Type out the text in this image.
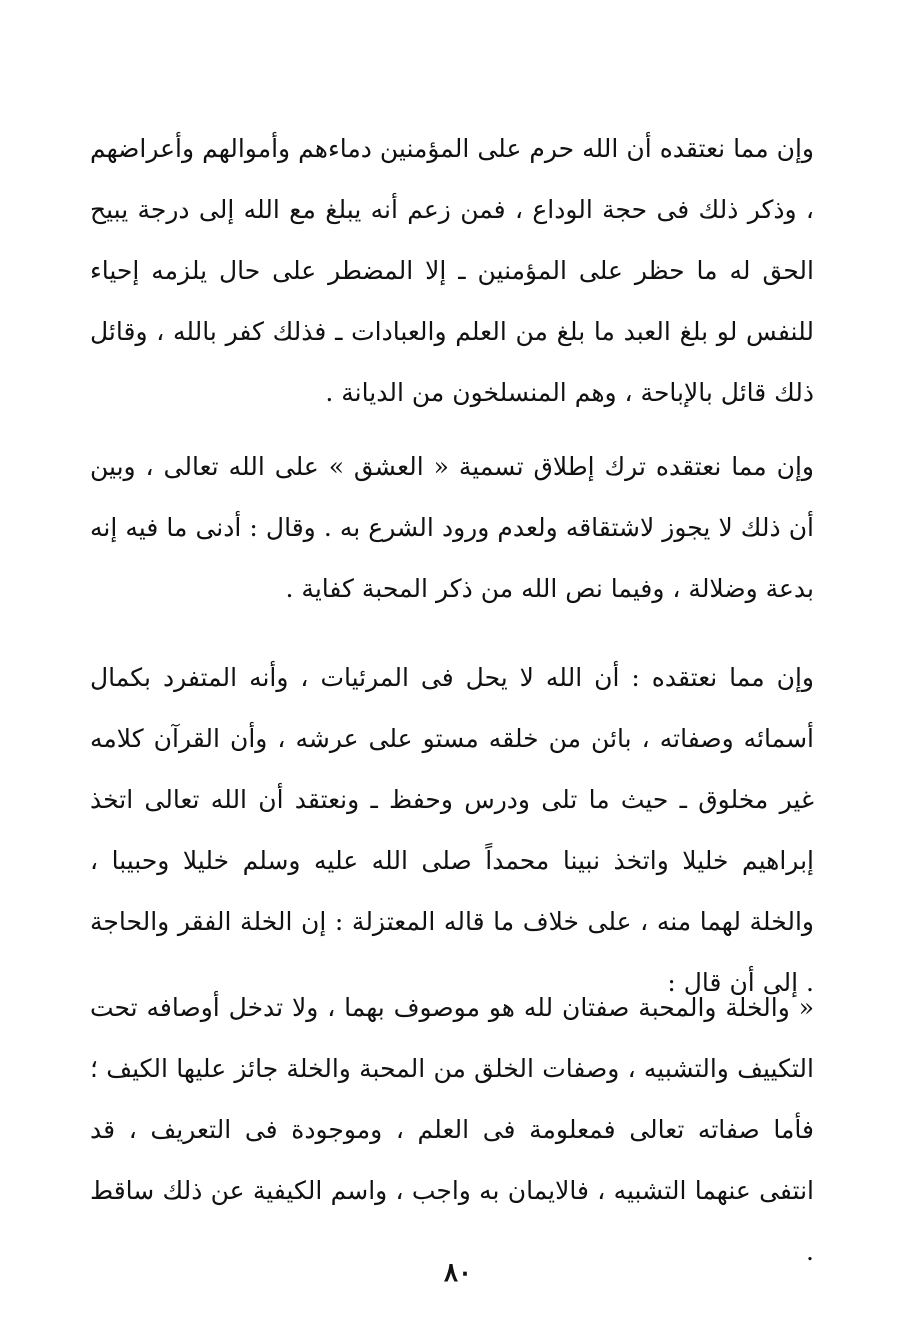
وإن مما نعتقده أن الله حرم على المؤمنين دماءهم وأموالهم وأعراضهم ، وذكر ذلك فى حجة الوداع ، فمن زعم أنه يبلغ مع الله إلى درجة يبيح الحق له ما حظر على المؤمنين ـ إلا المضطر على حال يلزمه إحياء للنفس لو بلغ العبد ما بلغ من العلم والعبادات ـ فذلك كفر بالله ، وقائل ذلك قائل بالإباحة ، وهم المنسلخون من الديانة .

وإن مما نعتقده ترك إطلاق تسمية « العشق » على الله تعالى ، وبين أن ذلك لا يجوز لاشتقاقه ولعدم ورود الشرع به . وقال : أدنى ما فيه إنه بدعة وضلالة ، وفيما نص الله من ذكر المحبة كفاية .

وإن مما نعتقده : أن الله لا يحل فى المرئيات ، وأنه المتفرد بكمال أسمائه وصفاته ، بائن من خلقه مستو على عرشه ، وأن القرآن كلامه غير مخلوق ـ حيث ما تلى ودرس وحفظ ـ ونعتقد أن الله تعالى اتخذ إبراهيم خليلا واتخذ نبينا محمداً صلى الله عليه وسلم خليلا وحبيبا ، والخلة لهما منه ، على خلاف ما قاله المعتزلة : إن الخلة الفقر والحاجة . إلى أن قال :

« والخلة والمحبة صفتان لله هو موصوف بهما ، ولا تدخل أوصافه تحت التكييف والتشبيه ، وصفات الخلق من المحبة والخلة جائز عليها الكيف ؛ فأما صفاته تعالى فمعلومة فى العلم ، وموجودة فى التعريف ، قد انتفى عنهما التشبيه ، فالايمان به واجب ، واسم الكيفية عن ذلك ساقط .

٨٠
